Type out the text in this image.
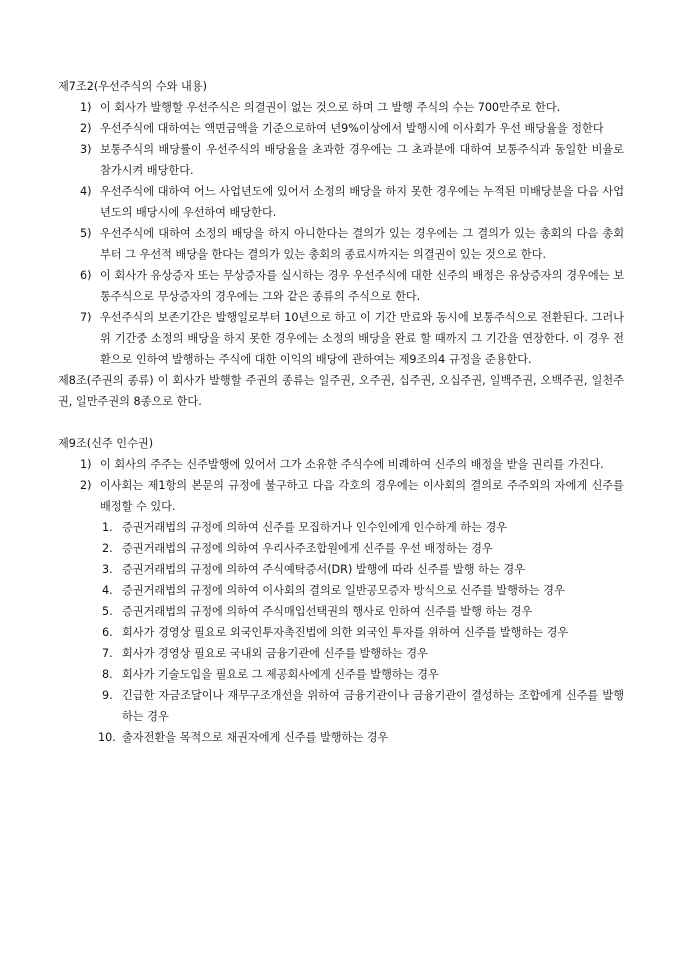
제7조2(우선주식의 수와 내용)
1) 이 회사가 발행할 우선주식은 의결권이 없는 것으로 하며 그 발행 주식의 수는 700만주로 한다.
2) 우선주식에 대하여는 액면금액을 기준으로하여 년9%이상에서 발행시에 이사회가 우선 배당율을 정한다
3) 보통주식의 배당률이 우선주식의 배당율을 초과한 경우에는 그 초과분에 대하여 보통주식과 동일한 비율로 참가시켜 배당한다.
4) 우선주식에 대하여 어느 사업년도에 있어서 소정의 배당을 하지 못한 경우에는 누적된 미배당분을 다음 사업년도의 배당시에 우선하여 배당한다.
5) 우선주식에 대하여 소정의 배당을 하지 아니한다는 결의가 있는 경우에는 그 결의가 있는 총회의 다음 총회부터 그 우선적 배당을 한다는 결의가 있는 총회의 종료시까지는 의결권이 있는 것으로 한다.
6) 이 회사가 유상증자 또는 무상증자를 실시하는 경우 우선주식에 대한 신주의 배정은 유상증자의 경우에는 보통주식으로 무상증자의 경우에는 그와 같은 종류의 주식으로 한다.
7) 우선주식의 보존기간은 발행일로부터 10년으로 하고 이 기간 만료와 동시에 보통주식으로 전환된다. 그러나 위 기간중 소정의 배당을 하지 못한 경우에는 소정의 배당을 완료 할 때까지 그 기간을 연장한다. 이 경우 전환으로 인하여 발행하는 주식에 대한 이익의 배당에 관하여는 제9조의4 규정을 준용한다.
제8조(주권의 종류) 이 회사가 발행할 주권의 종류는 일주권, 오주권, 십주권, 오십주권, 일백주권, 오백주권, 일천주권, 일만주권의 8종으로 한다.
제9조(신주 인수권)
1) 이 회사의 주주는 신주발행에 있어서 그가 소유한 주식수에 비례하여 신주의 배정을 받을 권리를 가진다.
2) 이사회는 제1항의 본문의 규정에 불구하고 다음 각호의 경우에는 이사회의 결의로 주주외의 자에게 신주를 배정할 수 있다.
1. 증권거래법의 규정에 의하여 신주를 모집하거나 인수인에게 인수하게 하는 경우
2. 증권거래법의 규정에 의하여 우리사주조합원에게 신주를 우선 배정하는 경우
3. 증권거래법의 규정에 의하여 주식예탁증서(DR) 발행에 따라 신주를 발행 하는 경우
4. 증권거래법의 규정에 의하여 이사회의 결의로 일반공모증자 방식으로 신주를 발행하는 경우
5. 증권거래법의 규정에 의하여 주식매입선택권의 행사로 인하여 신주를 발행 하는 경우
6. 회사가 경영상 필요로 외국인투자촉진법에 의한 외국인 투자를 위하여 신주를 발행하는 경우
7. 회사가 경영상 필요로 국내외 금융기관에 신주를 발행하는 경우
8. 회사가 기술도입을 필요로 그 제공회사에게 신주를 발행하는 경우
9. 긴급한 자금조달이나 재무구조개선을 위하여 금융기관이나 금융기관이 결성하는 조합에게 신주를 발행하는 경우
10. 출자전환을 목적으로 채권자에게 신주를 발행하는 경우
